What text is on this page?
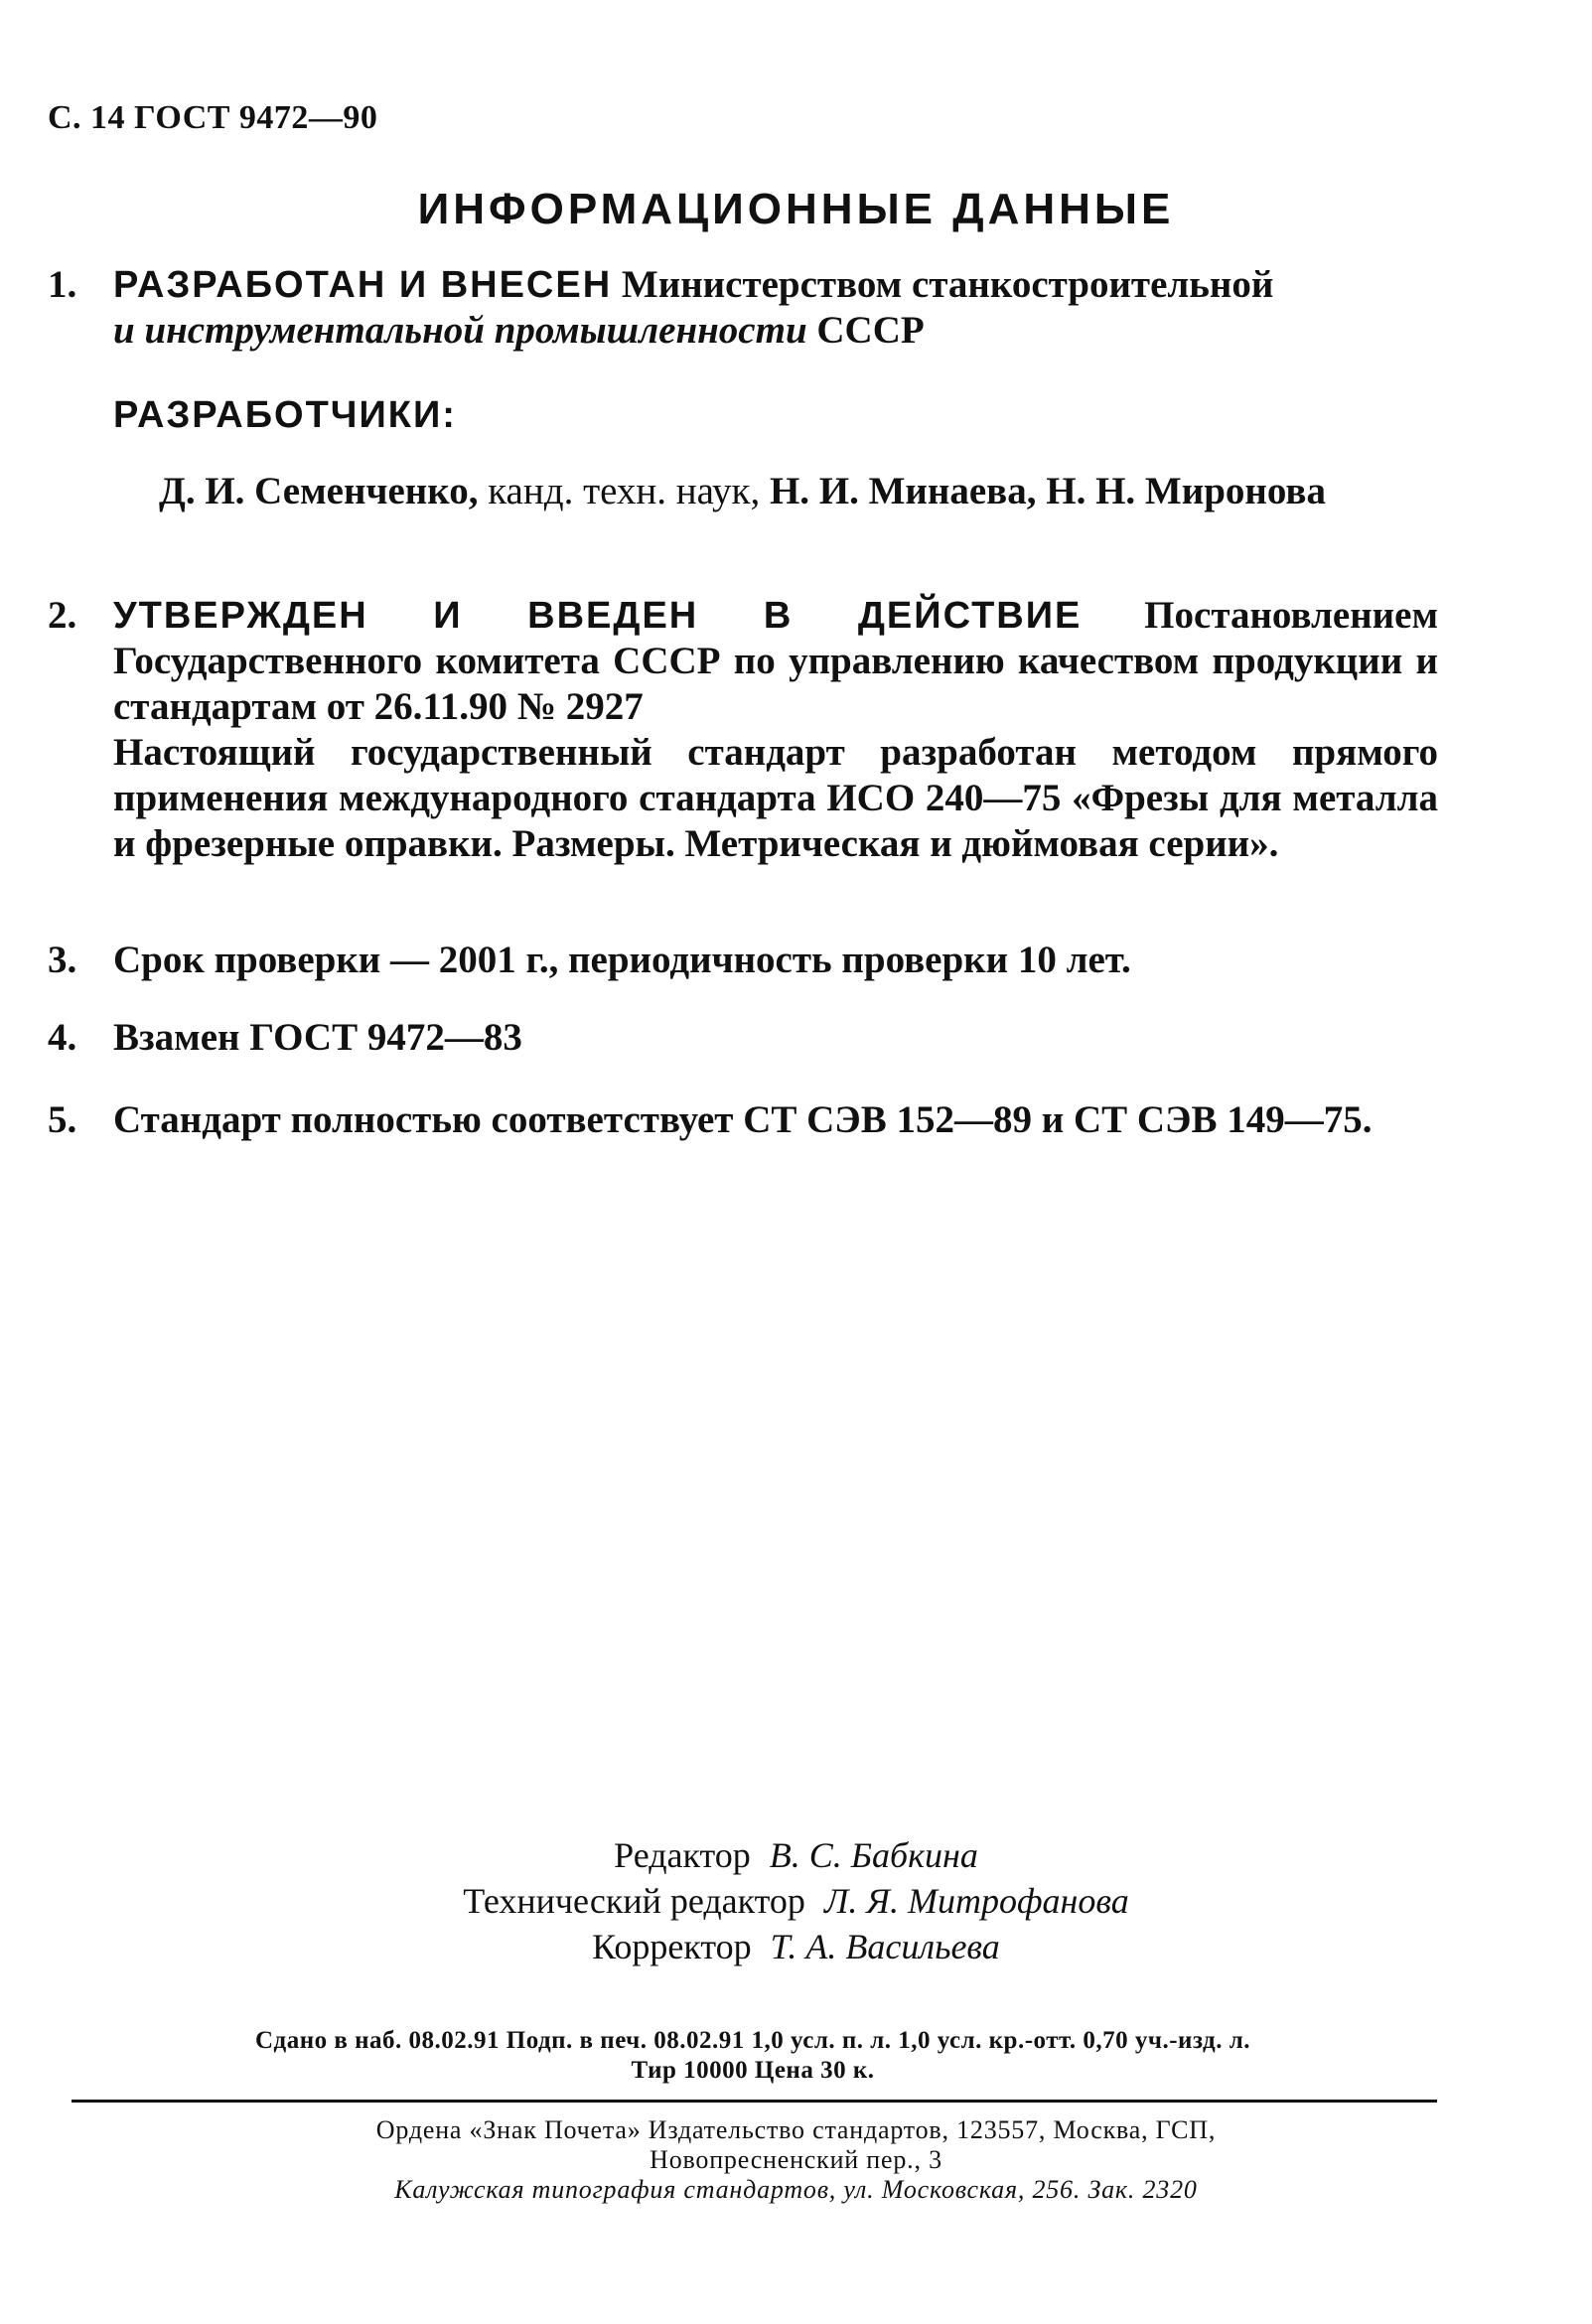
С. 14 ГОСТ 9472—90
ИНФОРМАЦИОННЫЕ ДАННЫЕ
1. РАЗРАБОТАН И ВНЕСЕН Министерством станкостроительной
и инструментальной промышленности СССР
РАЗРАБОТЧИКИ:
Д. И. Семенченко, канд. техн. наук, Н. И. Минаева, Н. Н. Миронова
2. УТВЕРЖДЕН И ВВЕДЕН В ДЕЙСТВИЕ Постановлением Государственного комитета СССР по управлению качеством продукции и стандартам от 26.11.90 № 2927
Настоящий государственный стандарт разработан методом прямого применения международного стандарта ИСО 240—75 «Фрезы для металла и фрезерные оправки. Размеры. Метрическая и дюймовая серии».
3. Срок проверки — 2001 г., периодичность проверки 10 лет.
4. Взамен ГОСТ 9472—83
5. Стандарт полностью соответствует СТ СЭВ 152—89 и СТ СЭВ 149—75.
Редактор В. С. Бабкина
Технический редактор Л. Я. Митрофанова
Корректор Т. А. Васильева
Сдано в наб. 08.02.91 Подп. в печ. 08.02.91 1,0 усл. п. л. 1,0 усл. кр.-отт. 0,70 уч.-изд. л.
Тир 10000 Цена 30 к.
Ордена «Знак Почета» Издательство стандартов, 123557, Москва, ГСП,
Новопресненский пер., 3
Калужская типография стандартов, ул. Московская, 256. Зак. 2320
